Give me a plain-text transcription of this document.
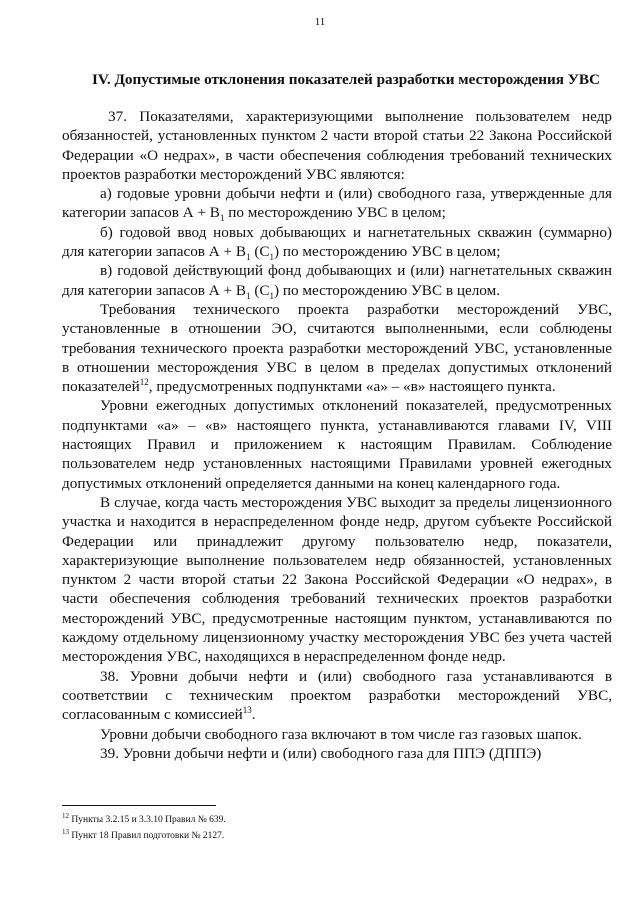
11
IV. Допустимые отклонения показателей разработки месторождения УВС

37. Показателями, характеризующими выполнение пользователем недр обязанностей, установленных пунктом 2 части второй статьи 22 Закона Российской Федерации «О недрах», в части обеспечения соблюдения требований технических проектов разработки месторождений УВС являются:

а) годовые уровни добычи нефти и (или) свободного газа, утвержденные для категории запасов $А + В_1$ по месторождению УВС в целом;

б) годовой ввод новых добывающих и нагнетательных скважин (суммарно) для категории запасов $А + В_1$ $(С_1)$ по месторождению УВС в целом;

в) годовой действующий фонд добывающих и (или) нагнетательных скважин для категории запасов $А + В_1$ $(С_1)$ по месторождению УВС в целом.

Требования технического проекта разработки месторождений УВС, установленные в отношении ЭО, считаются выполненными, если соблюдены требования технического проекта разработки месторождений УВС, установленные в отношении месторождения УВС в целом в пределах допустимых отклонений показателей$^{12}$, предусмотренных подпунктами «а» – «в» настоящего пункта.

Уровни ежегодных допустимых отклонений показателей, предусмотренных подпунктами «а» – «в» настоящего пункта, устанавливаются главами IV, VIII настоящих Правил и приложением к настоящим Правилам. Соблюдение пользователем недр установленных настоящими Правилами уровней ежегодных допустимых отклонений определяется данными на конец календарного года.

В случае, когда часть месторождения УВС выходит за пределы лицензионного участка и находится в нераспределенном фонде недр, другом субъекте Российской Федерации или принадлежит другому пользователю недр, показатели, характеризующие выполнение пользователем недр обязанностей, установленных пунктом 2 части второй статьи 22 Закона Российской Федерации «О недрах», в части обеспечения соблюдения требований технических проектов разработки месторождений УВС, предусмотренные настоящим пунктом, устанавливаются по каждому отдельному лицензионному участку месторождения УВС без учета частей месторождения УВС, находящихся в нераспределенном фонде недр.

38. Уровни добычи нефти и (или) свободного газа устанавливаются в соответствии с техническим проектом разработки месторождений УВС, согласованным с комиссией$^{13}$.

Уровни добычи свободного газа включают в том числе газ газовых шапок.

39. Уровни добычи нефти и (или) свободного газа для ППЭ (ДППЭ)

$^{12}$ Пункты 3.2.15 и 3.3.10 Правил № 639.
$^{13}$ Пункт 18 Правил подготовки № 2127.
